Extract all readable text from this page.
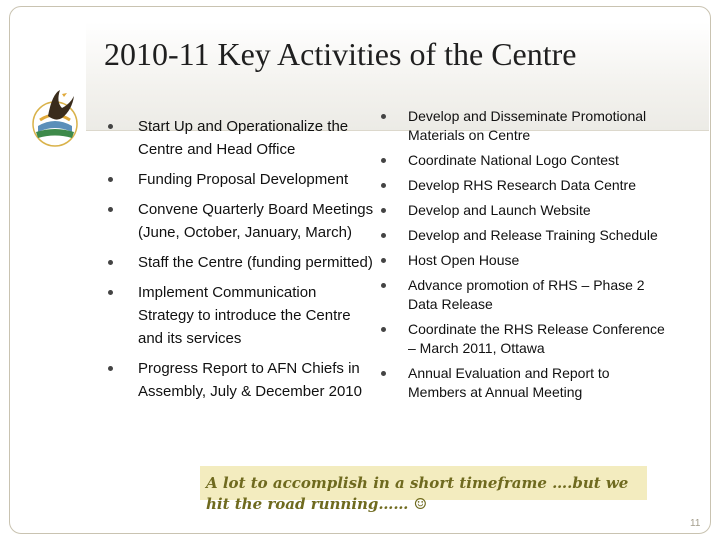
2010-11 Key Activities of the Centre
Start Up and Operationalize the Centre and Head Office
Funding Proposal Development
Convene Quarterly Board Meetings (June, October, January, March)
Staff the Centre (funding permitted)
Implement Communication Strategy to introduce the Centre and its services
Progress Report to AFN Chiefs in Assembly, July & December 2010
Develop and Disseminate Promotional Materials on Centre
Coordinate National Logo Contest
Develop RHS Research Data Centre
Develop and Launch Website
Develop and Release Training Schedule
Host Open House
Advance promotion of RHS – Phase 2 Data Release
Coordinate the RHS Release Conference – March 2011, Ottawa
Annual Evaluation and Report to Members at Annual Meeting
A lot to accomplish in a short timeframe ….but we hit the road running…… ☺
11
